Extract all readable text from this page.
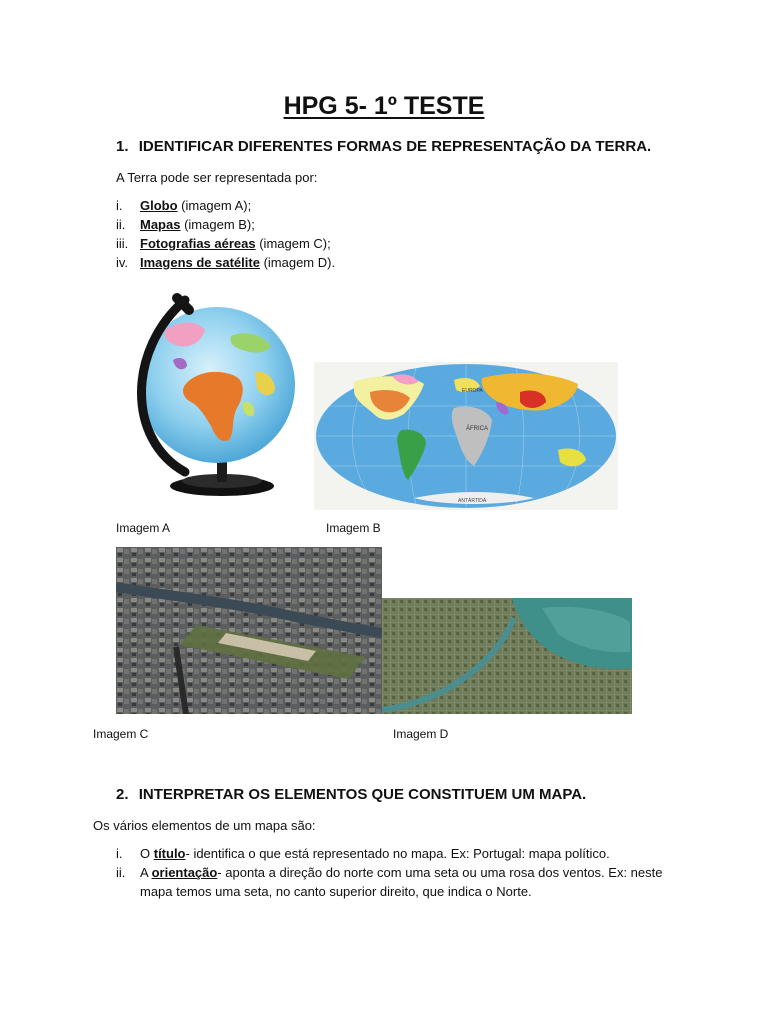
HPG 5- 1º TESTE
1. IDENTIFICAR DIFERENTES FORMAS DE REPRESENTAÇÃO DA TERRA.
A Terra pode ser representada por:
i. Globo (imagem A);
ii. Mapas (imagem B);
iii. Fotografias aéreas (imagem C);
iv. Imagens de satélite (imagem D).
EUROPA
ÁFRICA
ANTÁRTIDA
Imagem A	Imagem B
Imagem C	Imagem D
2. INTERPRETAR OS ELEMENTOS QUE CONSTITUEM UM MAPA.
Os vários elementos de um mapa são:
i. O título- identifica o que está representado no mapa. Ex: Portugal: mapa político.
ii. A orientação- aponta a direção do norte com uma seta ou uma rosa dos ventos. Ex: neste mapa temos uma seta, no canto superior direito, que indica o Norte.
